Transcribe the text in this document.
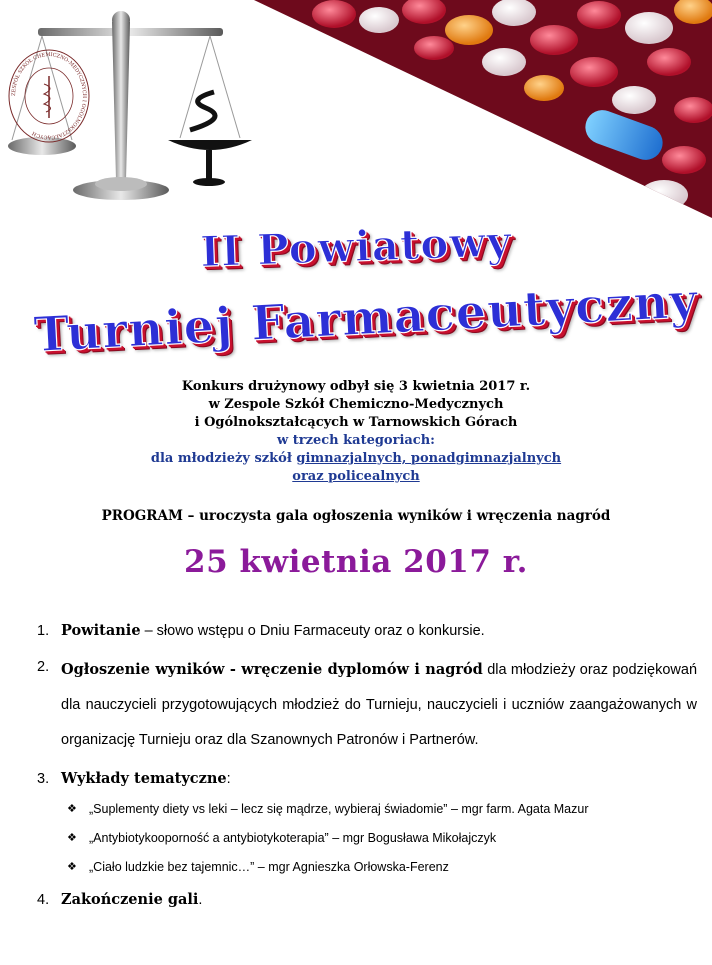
ZESPÓŁ SZKÓŁ CHEMICZNO-MEDYCZNYCH I OGÓLNOKSZTAŁCĄCYCH
II Powiatowy
Turniej Farmaceutyczny
Konkurs drużynowy odbył się 3 kwietnia 2017 r.
w Zespole Szkół Chemiczno-Medycznych
i Ogólnokształcących w Tarnowskich Górach
w trzech kategoriach:
dla młodzieży szkół gimnazjalnych, ponadgimnazjalnych
oraz policealnych
PROGRAM – uroczysta gala ogłoszenia wyników i wręczenia nagród
25 kwietnia 2017 r.
1. Powitanie – słowo wstępu o Dniu Farmaceuty oraz o konkursie.
2. Ogłoszenie wyników - wręczenie dyplomów i nagród dla młodzieży oraz podziękowań dla nauczycieli przygotowujących młodzież do Turnieju, nauczycieli i uczniów zaangażowanych w organizację Turnieju oraz dla Szanownych Patronów i Partnerów.
3. Wykłady tematyczne:
❖ „Suplementy diety vs leki – lecz się mądrze, wybieraj świadomie” – mgr farm. Agata Mazur
❖ „Antybiotykooporność a antybiotykoterapia” – mgr Bogusława Mikołajczyk
❖ „Ciało ludzkie bez tajemnic…” – mgr Agnieszka Orłowska-Ferenz
4. Zakończenie gali.
